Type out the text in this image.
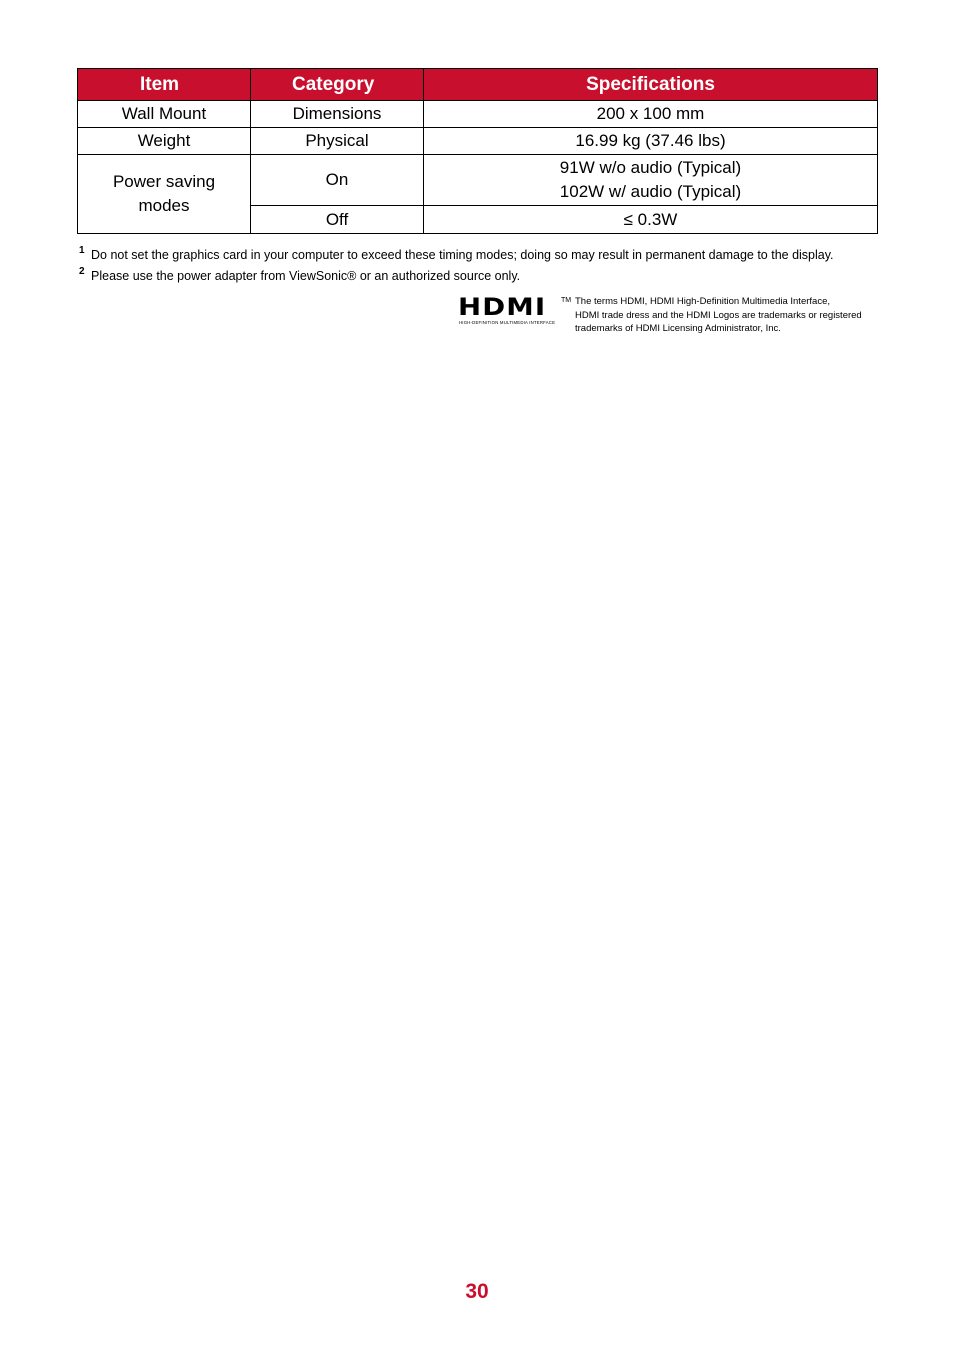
Item	Category	Specifications
Wall Mount	Dimensions	200 x 100 mm
Weight	Physical	16.99 kg (37.46 lbs)

Power saving modes	On	91W w/o audio (Typical)
102W w/ audio (Typical)

	Off	≤ 0.3W
$^1$ Do not set the graphics card in your computer to exceed these timing modes; doing so may result in permanent damage to the display.
$^2$ Please use the power adapter from ViewSonic® or an authorized source only.
HDMI TM
HIGH-DEFINITION MULTIMEDIA INTERFACE
The terms HDMI, HDMI High-Definition Multimedia Interface,
HDMI trade dress and the HDMI Logos are trademarks or registered
trademarks of HDMI Licensing Administrator, Inc.
30
